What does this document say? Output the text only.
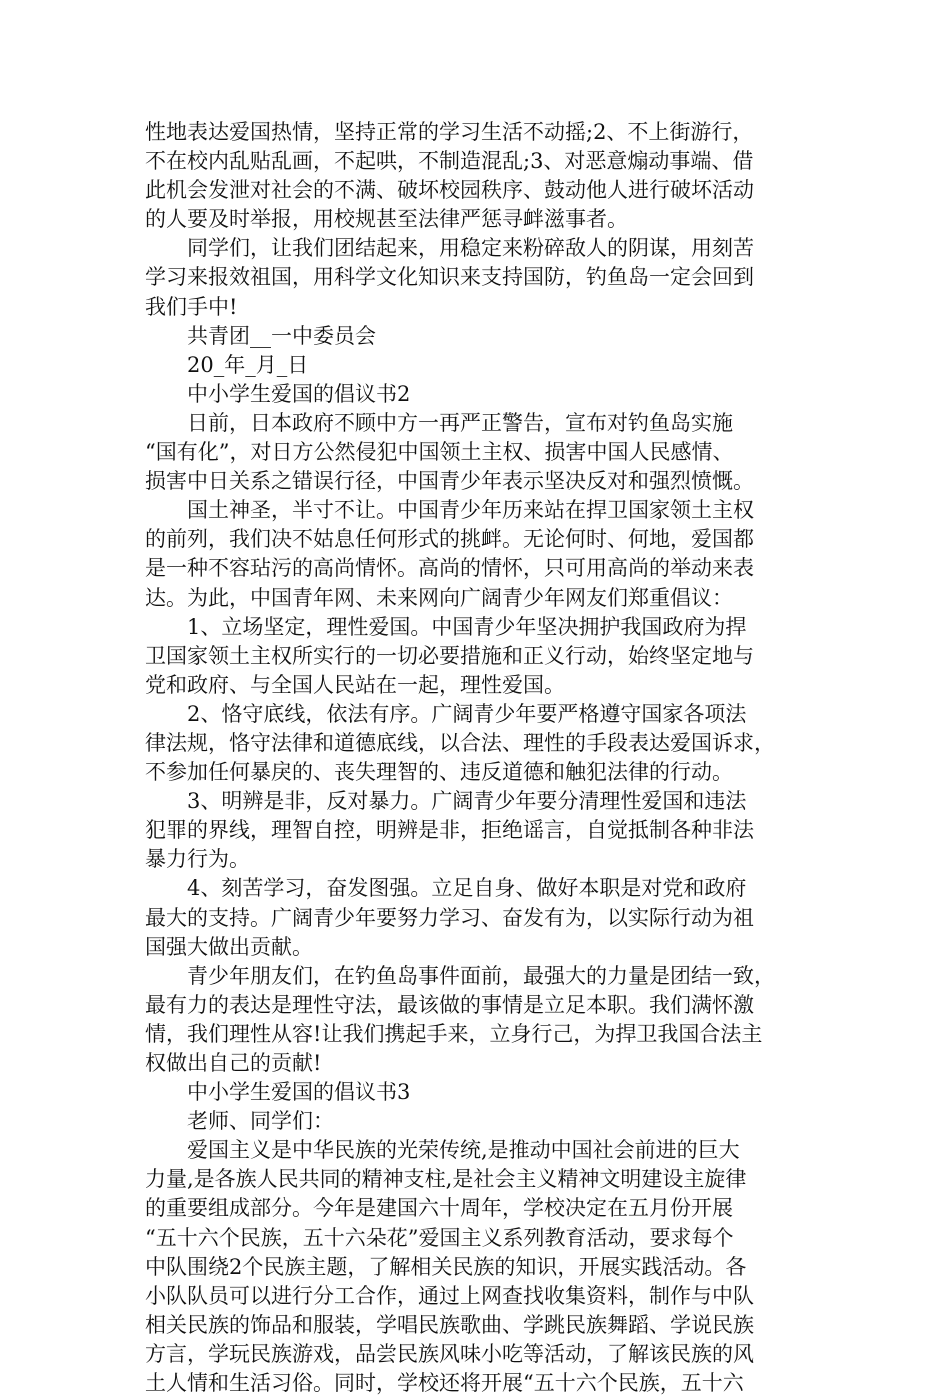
性地表达爱国热情，坚持正常的学习生活不动摇;2、不上街游行，
不在校内乱贴乱画，不起哄，不制造混乱;3、对恶意煽动事端、借
此机会发泄对社会的不满、破坏校园秩序、鼓动他人进行破坏活动
的人要及时举报，用校规甚至法律严惩寻衅滋事者。
同学们，让我们团结起来，用稳定来粉碎敌人的阴谋，用刻苦
学习来报效祖国，用科学文化知识来支持国防，钓鱼岛一定会回到
我们手中!
共青团__一中委员会
20_年_月_日
中小学生爱国的倡议书2
日前，日本政府不顾中方一再严正警告，宣布对钓鱼岛实施
“国有化”，对日方公然侵犯中国领土主权、损害中国人民感情、
损害中日关系之错误行径，中国青少年表示坚决反对和强烈愤慨。
国土神圣，半寸不让。中国青少年历来站在捍卫国家领土主权
的前列，我们决不姑息任何形式的挑衅。无论何时、何地，爱国都
是一种不容玷污的高尚情怀。高尚的情怀，只可用高尚的举动来表
达。为此，中国青年网、未来网向广阔青少年网友们郑重倡议：
1、立场坚定，理性爱国。中国青少年坚决拥护我国政府为捍
卫国家领土主权所实行的一切必要措施和正义行动，始终坚定地与
党和政府、与全国人民站在一起，理性爱国。
2、恪守底线，依法有序。广阔青少年要严格遵守国家各项法
律法规，恪守法律和道德底线，以合法、理性的手段表达爱国诉求，
不参加任何暴戾的、丧失理智的、违反道德和触犯法律的行动。
3、明辨是非，反对暴力。广阔青少年要分清理性爱国和违法
犯罪的界线，理智自控，明辨是非，拒绝谣言，自觉抵制各种非法
暴力行为。
4、刻苦学习，奋发图强。立足自身、做好本职是对党和政府
最大的支持。广阔青少年要努力学习、奋发有为，以实际行动为祖
国强大做出贡献。
青少年朋友们，在钓鱼岛事件面前，最强大的力量是团结一致，
最有力的表达是理性守法，最该做的事情是立足本职。我们满怀激
情，我们理性从容!让我们携起手来，立身行己，为捍卫我国合法主
权做出自己的贡献!
中小学生爱国的倡议书3
老师、同学们：
爱国主义是中华民族的光荣传统,是推动中国社会前进的巨大
力量,是各族人民共同的精神支柱,是社会主义精神文明建设主旋律
的重要组成部分。今年是建国六十周年，学校决定在五月份开展
“五十六个民族，五十六朵花”爱国主义系列教育活动，要求每个
中队围绕2个民族主题，了解相关民族的知识，开展实践活动。各
小队队员可以进行分工合作，通过上网查找收集资料，制作与中队
相关民族的饰品和服装，学唱民族歌曲、学跳民族舞蹈、学说民族
方言，学玩民族游戏，品尝民族风味小吃等活动，了解该民族的风
土人情和生活习俗。同时，学校还将开展“五十六个民族，五十六
